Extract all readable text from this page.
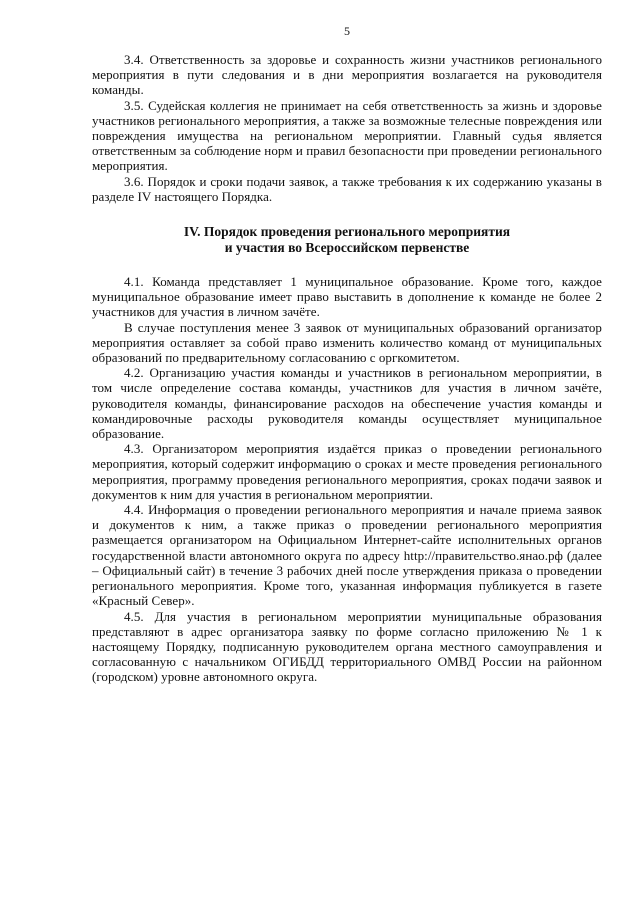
5

3.4. Ответственность за здоровье и сохранность жизни участников регионального мероприятия в пути следования и в дни мероприятия возлагается на руководителя команды.

3.5. Судейская коллегия не принимает на себя ответственность за жизнь и здоровье участников регионального мероприятия, а также за возможные телесные повреждения или повреждения имущества на региональном мероприятии. Главный судья является ответственным за соблюдение норм и правил безопасности при проведении регионального мероприятия.

3.6. Порядок и сроки подачи заявок, а также требования к их содержанию указаны в разделе IV настоящего Порядка.

IV. Порядок проведения регионального мероприятия
и участия во Всероссийском первенстве

4.1. Команда представляет 1 муниципальное образование. Кроме того, каждое муниципальное образование имеет право выставить в дополнение к команде не более 2 участников для участия в личном зачёте.

В случае поступления менее 3 заявок от муниципальных образований организатор мероприятия оставляет за собой право изменить количество команд от муниципальных образований по предварительному согласованию с оргкомитетом.

4.2. Организацию участия команды и участников в региональном мероприятии, в том числе определение состава команды, участников для участия в личном зачёте, руководителя команды, финансирование расходов на обеспечение участия команды и командировочные расходы руководителя команды осуществляет муниципальное образование.

4.3. Организатором мероприятия издаётся приказ о проведении регионального мероприятия, который содержит информацию о сроках и месте проведения регионального мероприятия, программу проведения регионального мероприятия, сроках подачи заявок и документов к ним для участия в региональном мероприятии.

4.4. Информация о проведении регионального мероприятия и начале приема заявок и документов к ним, а также приказ о проведении регионального мероприятия размещается организатором на Официальном Интернет-сайте исполнительных органов государственной власти автономного округа по адресу http://правительство.янао.рф (далее – Официальный сайт) в течение 3 рабочих дней после утверждения приказа о проведении регионального мероприятия. Кроме того, указанная информация публикуется в газете «Красный Север».

4.5. Для участия в региональном мероприятии муниципальные образования представляют в адрес организатора заявку по форме согласно приложению № 1 к настоящему Порядку, подписанную руководителем органа местного самоуправления и согласованную с начальником ОГИБДД территориального ОМВД России на районном (городском) уровне автономного округа.
